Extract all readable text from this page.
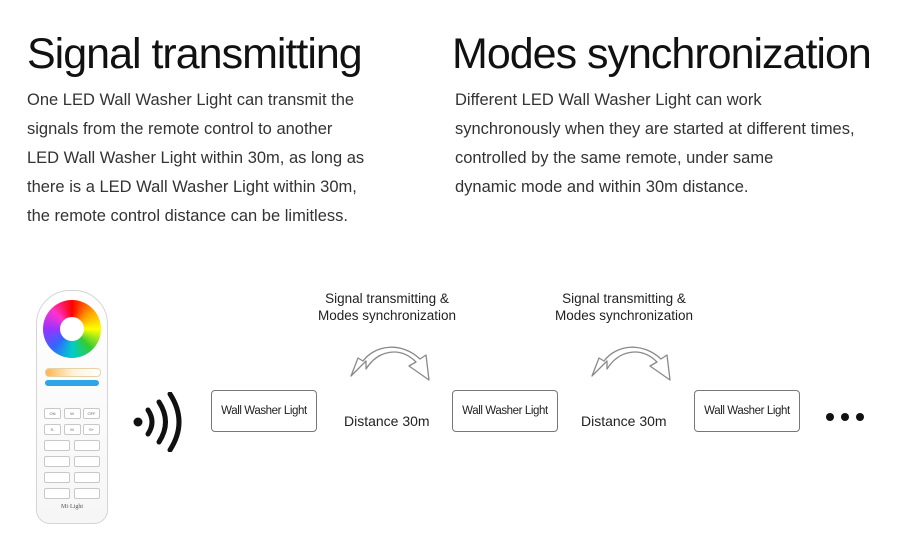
Signal transmitting

One LED Wall Washer Light can transmit the
signals from the remote control to another
LED Wall Washer Light within 30m, as long as
there is a LED Wall Washer Light within 30m,
the remote control distance can be limitless.

Modes synchronization

Different LED Wall Washer Light can work
synchronously when they are started at different times,
controlled by the same remote, under same
dynamic mode and within 30m distance.

ON	W	OFF
S-	M	S+
Mi·Light
Wall Washer Light	Wall Washer Light	Wall Washer Light
Distance 30m	Distance 30m
Signal transmitting &
Modes synchronization
Signal transmitting &
Modes synchronization
